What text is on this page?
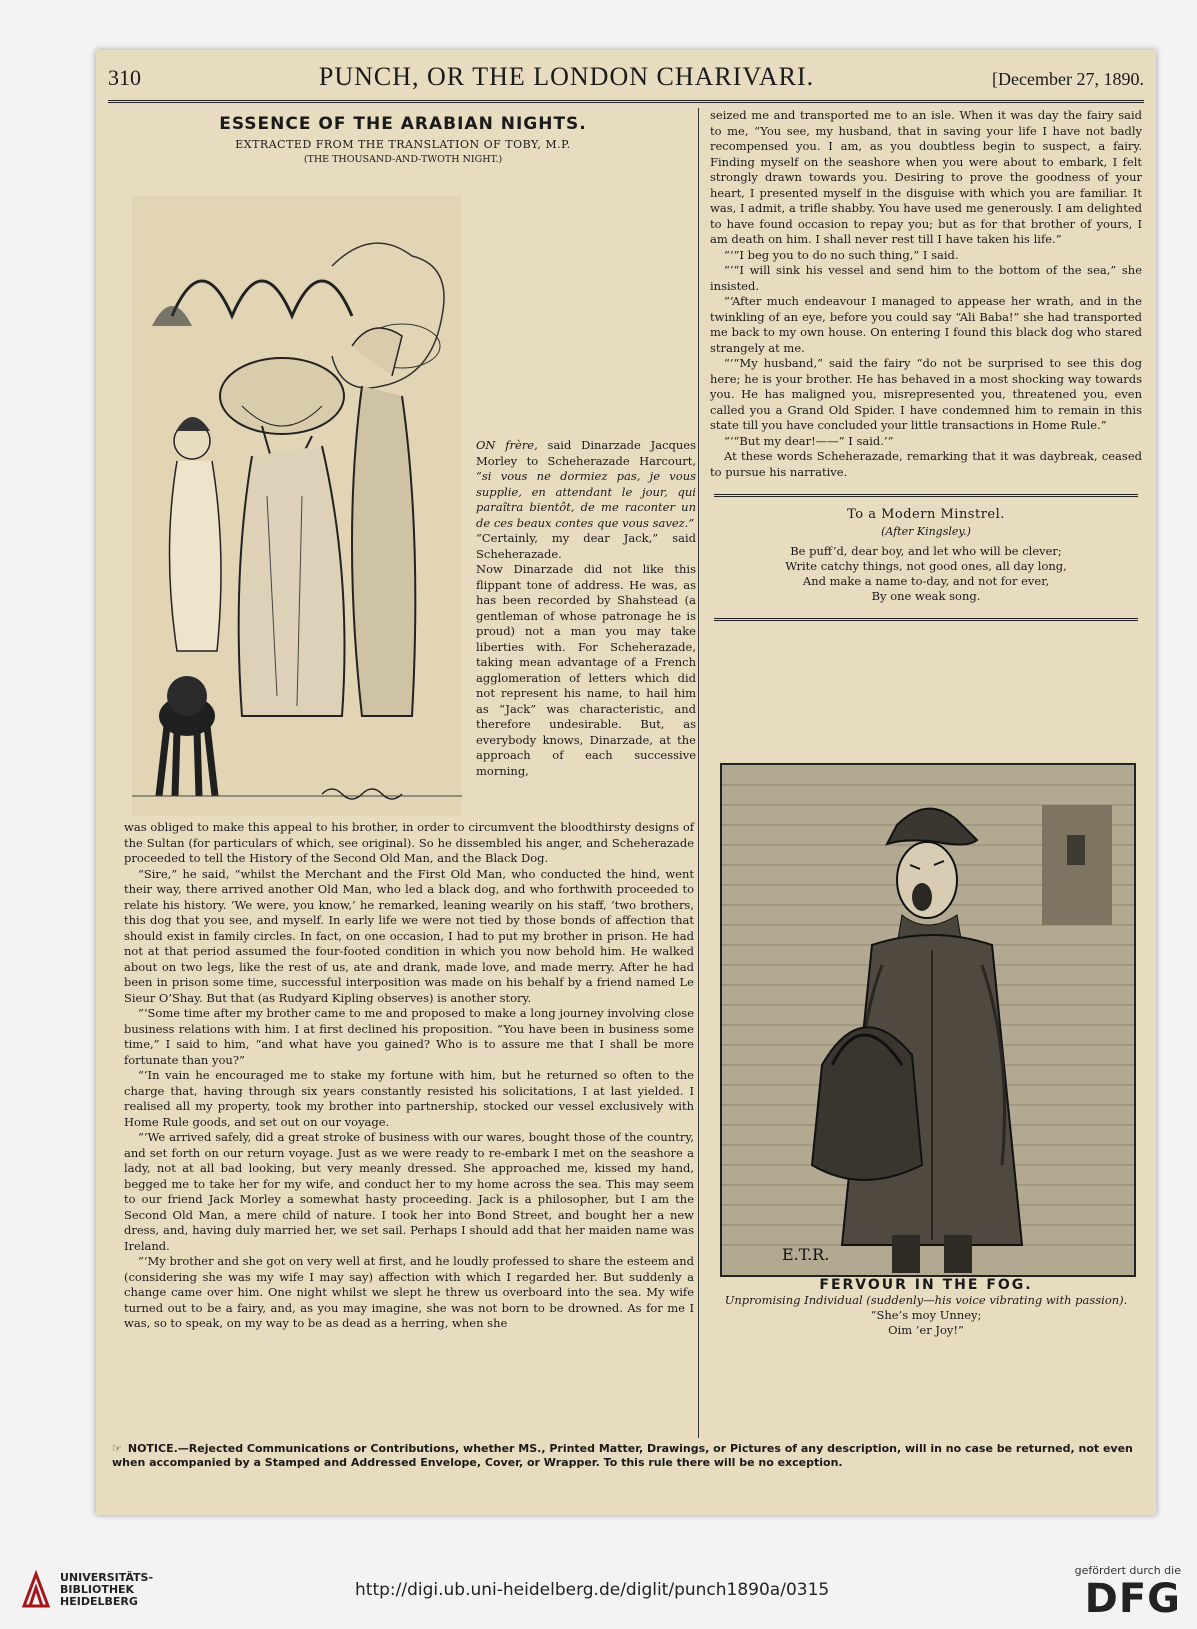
310	PUNCH, OR THE LONDON CHARIVARI.	[December 27, 1890.
ESSENCE OF THE ARABIAN NIGHTS.
EXTRACTED FROM THE TRANSLATION OF TOBY, M.P.
(THE THOUSAND-AND-TWOTH NIGHT.)

ON frère, said Dinarzade Jacques Morley to Scheherazade Harcourt, “si vous ne dormiez pas, je vous supplie, en attendant le jour, qui paraîtra bientôt, de me raconter un de ces beaux contes que vous savez.”

“Certainly, my dear Jack,” said Scheherazade.

Now Dinarzade did not like this flippant tone of address. He was, as has been recorded by Shahstead (a gentleman of whose patronage he is proud) not a man you may take liberties with. For Scheherazade, taking mean advantage of a French agglomeration of letters which did not represent his name, to hail him as “Jack” was characteristic, and therefore undesirable. But, as everybody knows, Dinarzade, at the approach of each successive morning,

was obliged to make this appeal to his brother, in order to circumvent the bloodthirsty designs of the Sultan (for particulars of which, see original). So he dissembled his anger, and Scheherazade proceeded to tell the History of the Second Old Man, and the Black Dog.

“Sire,” he said, “whilst the Merchant and the First Old Man, who conducted the hind, went their way, there arrived another Old Man, who led a black dog, and who forthwith proceeded to relate his history. ‘We were, you know,’ he remarked, leaning wearily on his staff, ‘two brothers, this dog that you see, and myself. In early life we were not tied by those bonds of affection that should exist in family circles. In fact, on one occasion, I had to put my brother in prison. He had not at that period assumed the four-footed condition in which you now behold him. He walked about on two legs, like the rest of us, ate and drank, made love, and made merry. After he had been in prison some time, successful interposition was made on his behalf by a friend named Le Sieur O’Shay. But that (as Rudyard Kipling observes) is another story.

“‘Some time after my brother came to me and proposed to make a long journey involving close business relations with him. I at first declined his proposition. “You have been in business some time,” I said to him, “and what have you gained? Who is to assure me that I shall be more fortunate than you?”

“‘In vain he encouraged me to stake my fortune with him, but he returned so often to the charge that, having through six years constantly resisted his solicitations, I at last yielded. I realised all my property, took my brother into partnership, stocked our vessel exclusively with Home Rule goods, and set out on our voyage.

“‘We arrived safely, did a great stroke of business with our wares, bought those of the country, and set forth on our return voyage. Just as we were ready to re-embark I met on the seashore a lady, not at all bad looking, but very meanly dressed. She approached me, kissed my hand, begged me to take her for my wife, and conduct her to my home across the sea. This may seem to our friend Jack Morley a somewhat hasty proceeding. Jack is a philosopher, but I am the Second Old Man, a mere child of nature. I took her into Bond Street, and bought her a new dress, and, having duly married her, we set sail. Perhaps I should add that her maiden name was Ireland.

“‘My brother and she got on very well at first, and he loudly professed to share the esteem and (considering she was my wife I may say) affection with which I regarded her. But suddenly a change came over him. One night whilst we slept he threw us overboard into the sea. My wife turned out to be a fairy, and, as you may imagine, she was not born to be drowned. As for me I was, so to speak, on my way to be as dead as a herring, when she

seized me and transported me to an isle. When it was day the fairy said to me, “You see, my husband, that in saving your life I have not badly recompensed you. I am, as you doubtless begin to suspect, a fairy. Finding myself on the seashore when you were about to embark, I felt strongly drawn towards you. Desiring to prove the goodness of your heart, I presented myself in the disguise with which you are familiar. It was, I admit, a trifle shabby. You have used me generously. I am delighted to have found occasion to repay you; but as for that brother of yours, I am death on him. I shall never rest till I have taken his life.”

“‘“I beg you to do no such thing,” I said.

“‘“I will sink his vessel and send him to the bottom of the sea,” she insisted.

“‘After much endeavour I managed to appease her wrath, and in the twinkling of an eye, before you could say “Ali Baba!” she had transported me back to my own house. On entering I found this black dog who stared strangely at me.

“‘“My husband,” said the fairy “do not be surprised to see this dog here; he is your brother. He has behaved in a most shocking way towards you. He has maligned you, misrepresented you, threatened you, even called you a Grand Old Spider. I have condemned him to remain in this state till you have concluded your little transactions in Home Rule.”

“‘“But my dear!——” I said.’”

At these words Scheherazade, remarking that it was daybreak, ceased to pursue his narrative.

To a Modern Minstrel.
(After Kingsley.)
Be puff’d, dear boy, and let who will be clever;
Write catchy things, not good ones, all day long,
And make a name to-day, and not for ever,
By one weak song.
E.T.R.
FERVOUR IN THE FOG.
Unpromising Individual (suddenly—his voice vibrating with passion).
“She’s moy Unney;
Oim ’er Joy!”
☞ NOTICE.—Rejected Communications or Contributions, whether MS., Printed Matter, Drawings, or Pictures of any description, will in no case be returned, not even when accompanied by a Stamped and Addressed Envelope, Cover, or Wrapper. To this rule there will be no exception.
UNIVERSITÄTS-
BIBLIOTHEK
HEIDELBERG
http://digi.ub.uni-heidelberg.de/diglit/punch1890a/0315
gefördert durch die
DFG
